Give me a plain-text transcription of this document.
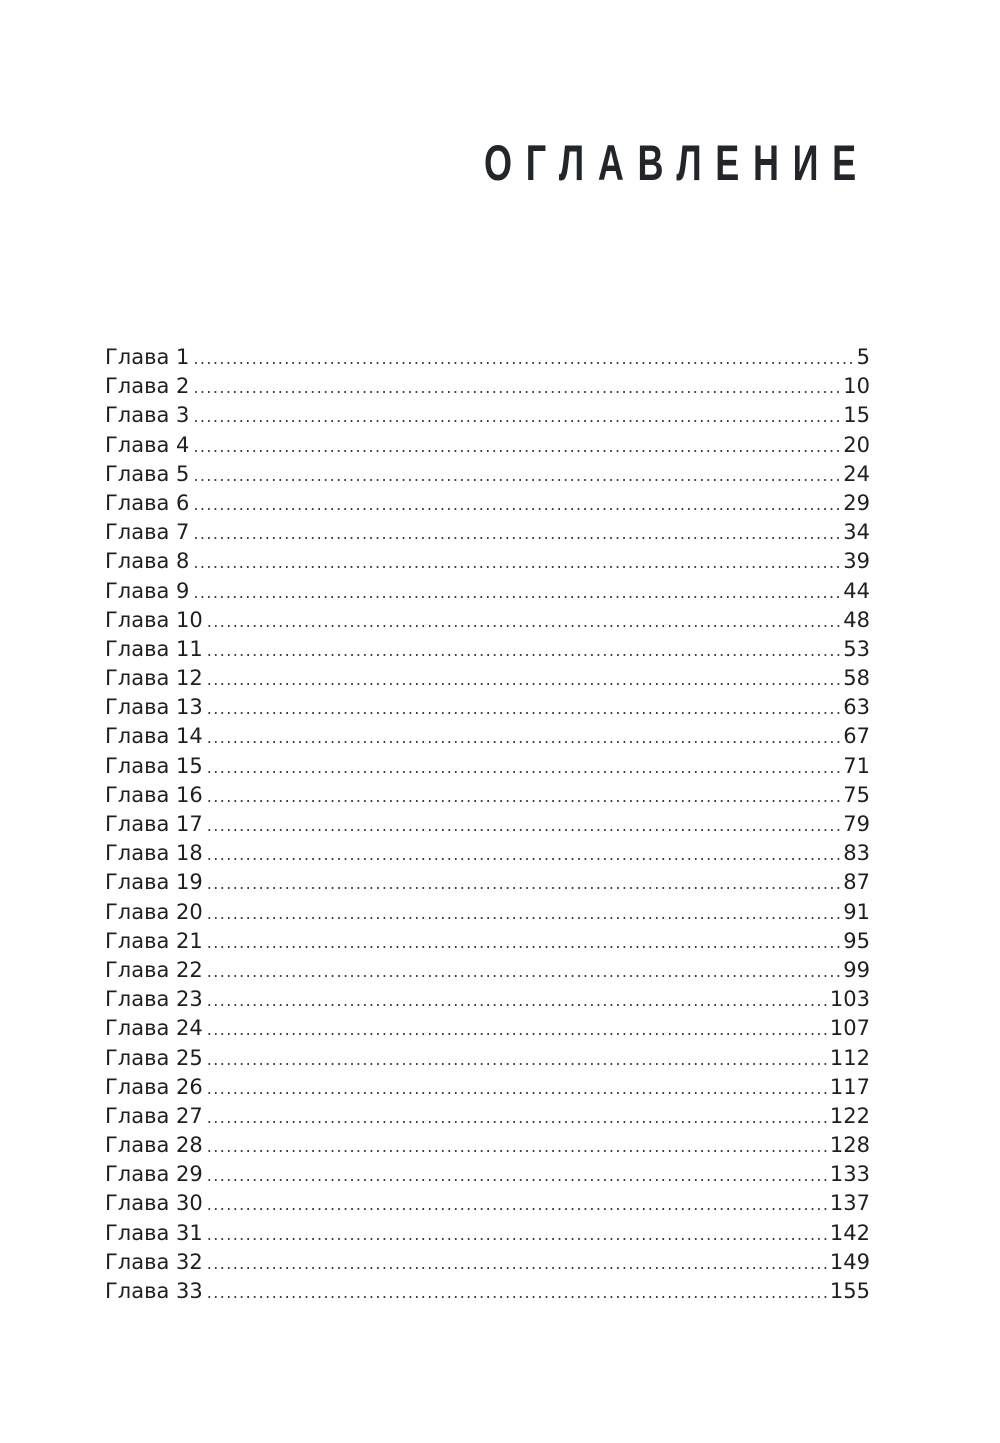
ОГЛАВЛЕНИЕ
Глава 1 .....	5
Глава 2 .....	10
Глава 3 .....	15
Глава 4 .....	20
Глава 5 .....	24
Глава 6 .....	29
Глава 7 .....	34
Глава 8 .....	39
Глава 9 .....	44
Глава 10 .....	48
Глава 11 .....	53
Глава 12 .....	58
Глава 13 .....	63
Глава 14 .....	67
Глава 15 .....	71
Глава 16 .....	75
Глава 17 .....	79
Глава 18 .....	83
Глава 19 .....	87
Глава 20 .....	91
Глава 21 .....	95
Глава 22 .....	99
Глава 23 .....	103
Глава 24 .....	107
Глава 25 .....	112
Глава 26 .....	117
Глава 27 .....	122
Глава 28 .....	128
Глава 29 .....	133
Глава 30 .....	137
Глава 31 .....	142
Глава 32 .....	149
Глава 33 .....	155
